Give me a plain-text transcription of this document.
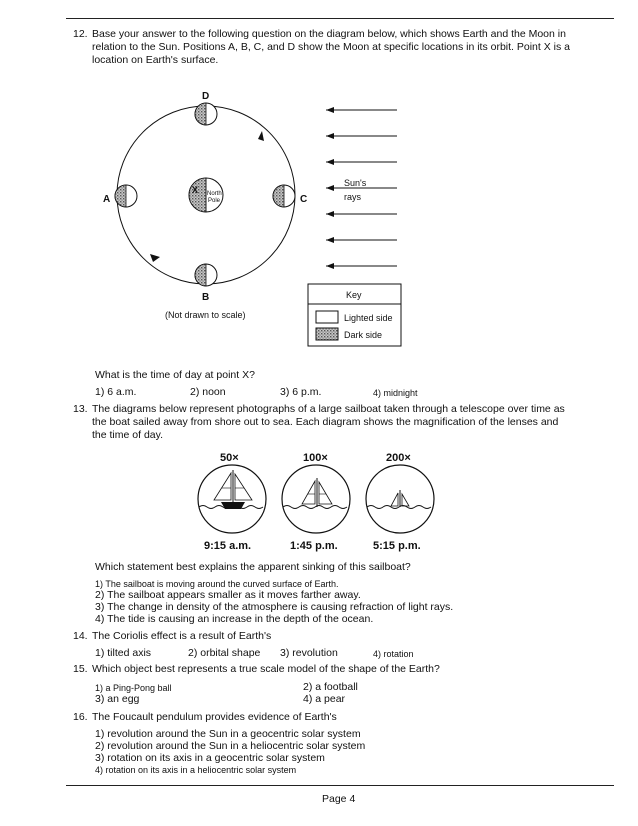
12. Base your answer to the following question on the diagram below, which shows Earth and the Moon in
relation to the Sun. Positions A, B, C, and D show the Moon at specific locations in its orbit. Point X is a
location on Earth's surface.
X North
Pole
D
B
A	C
Sun's
rays
(Not drawn to scale)
Key
Lighted side
Dark side
What is the time of day at point X?
1) 6 a.m.	2) noon	3) 6 p.m.	4) midnight
13. The diagrams below represent photographs of a large sailboat taken through a telescope over time as
the boat sailed away from shore out to sea. Each diagram shows the magnification of the lenses and
the time of day.
50×
9:15 a.m.
100×
1:45 p.m.
200×
5:15 p.m.
Which statement best explains the apparent sinking of this sailboat?
1) The sailboat is moving around the curved surface of Earth.
2) The sailboat appears smaller as it moves farther away.
3) The change in density of the atmosphere is causing refraction of light rays.
4) The tide is causing an increase in the depth of the ocean.
14. The Coriolis effect is a result of Earth's
1) tilted axis	2) orbital shape 3) revolution	4) rotation
15. Which object best represents a true scale model of the shape of the Earth?
1) a Ping-Pong ball	2) a football
3) an egg	4) a pear
16. The Foucault pendulum provides evidence of Earth's
1) revolution around the Sun in a geocentric solar system
2) revolution around the Sun in a heliocentric solar system
3) rotation on its axis in a geocentric solar system
4) rotation on its axis in a heliocentric solar system
Page 4
